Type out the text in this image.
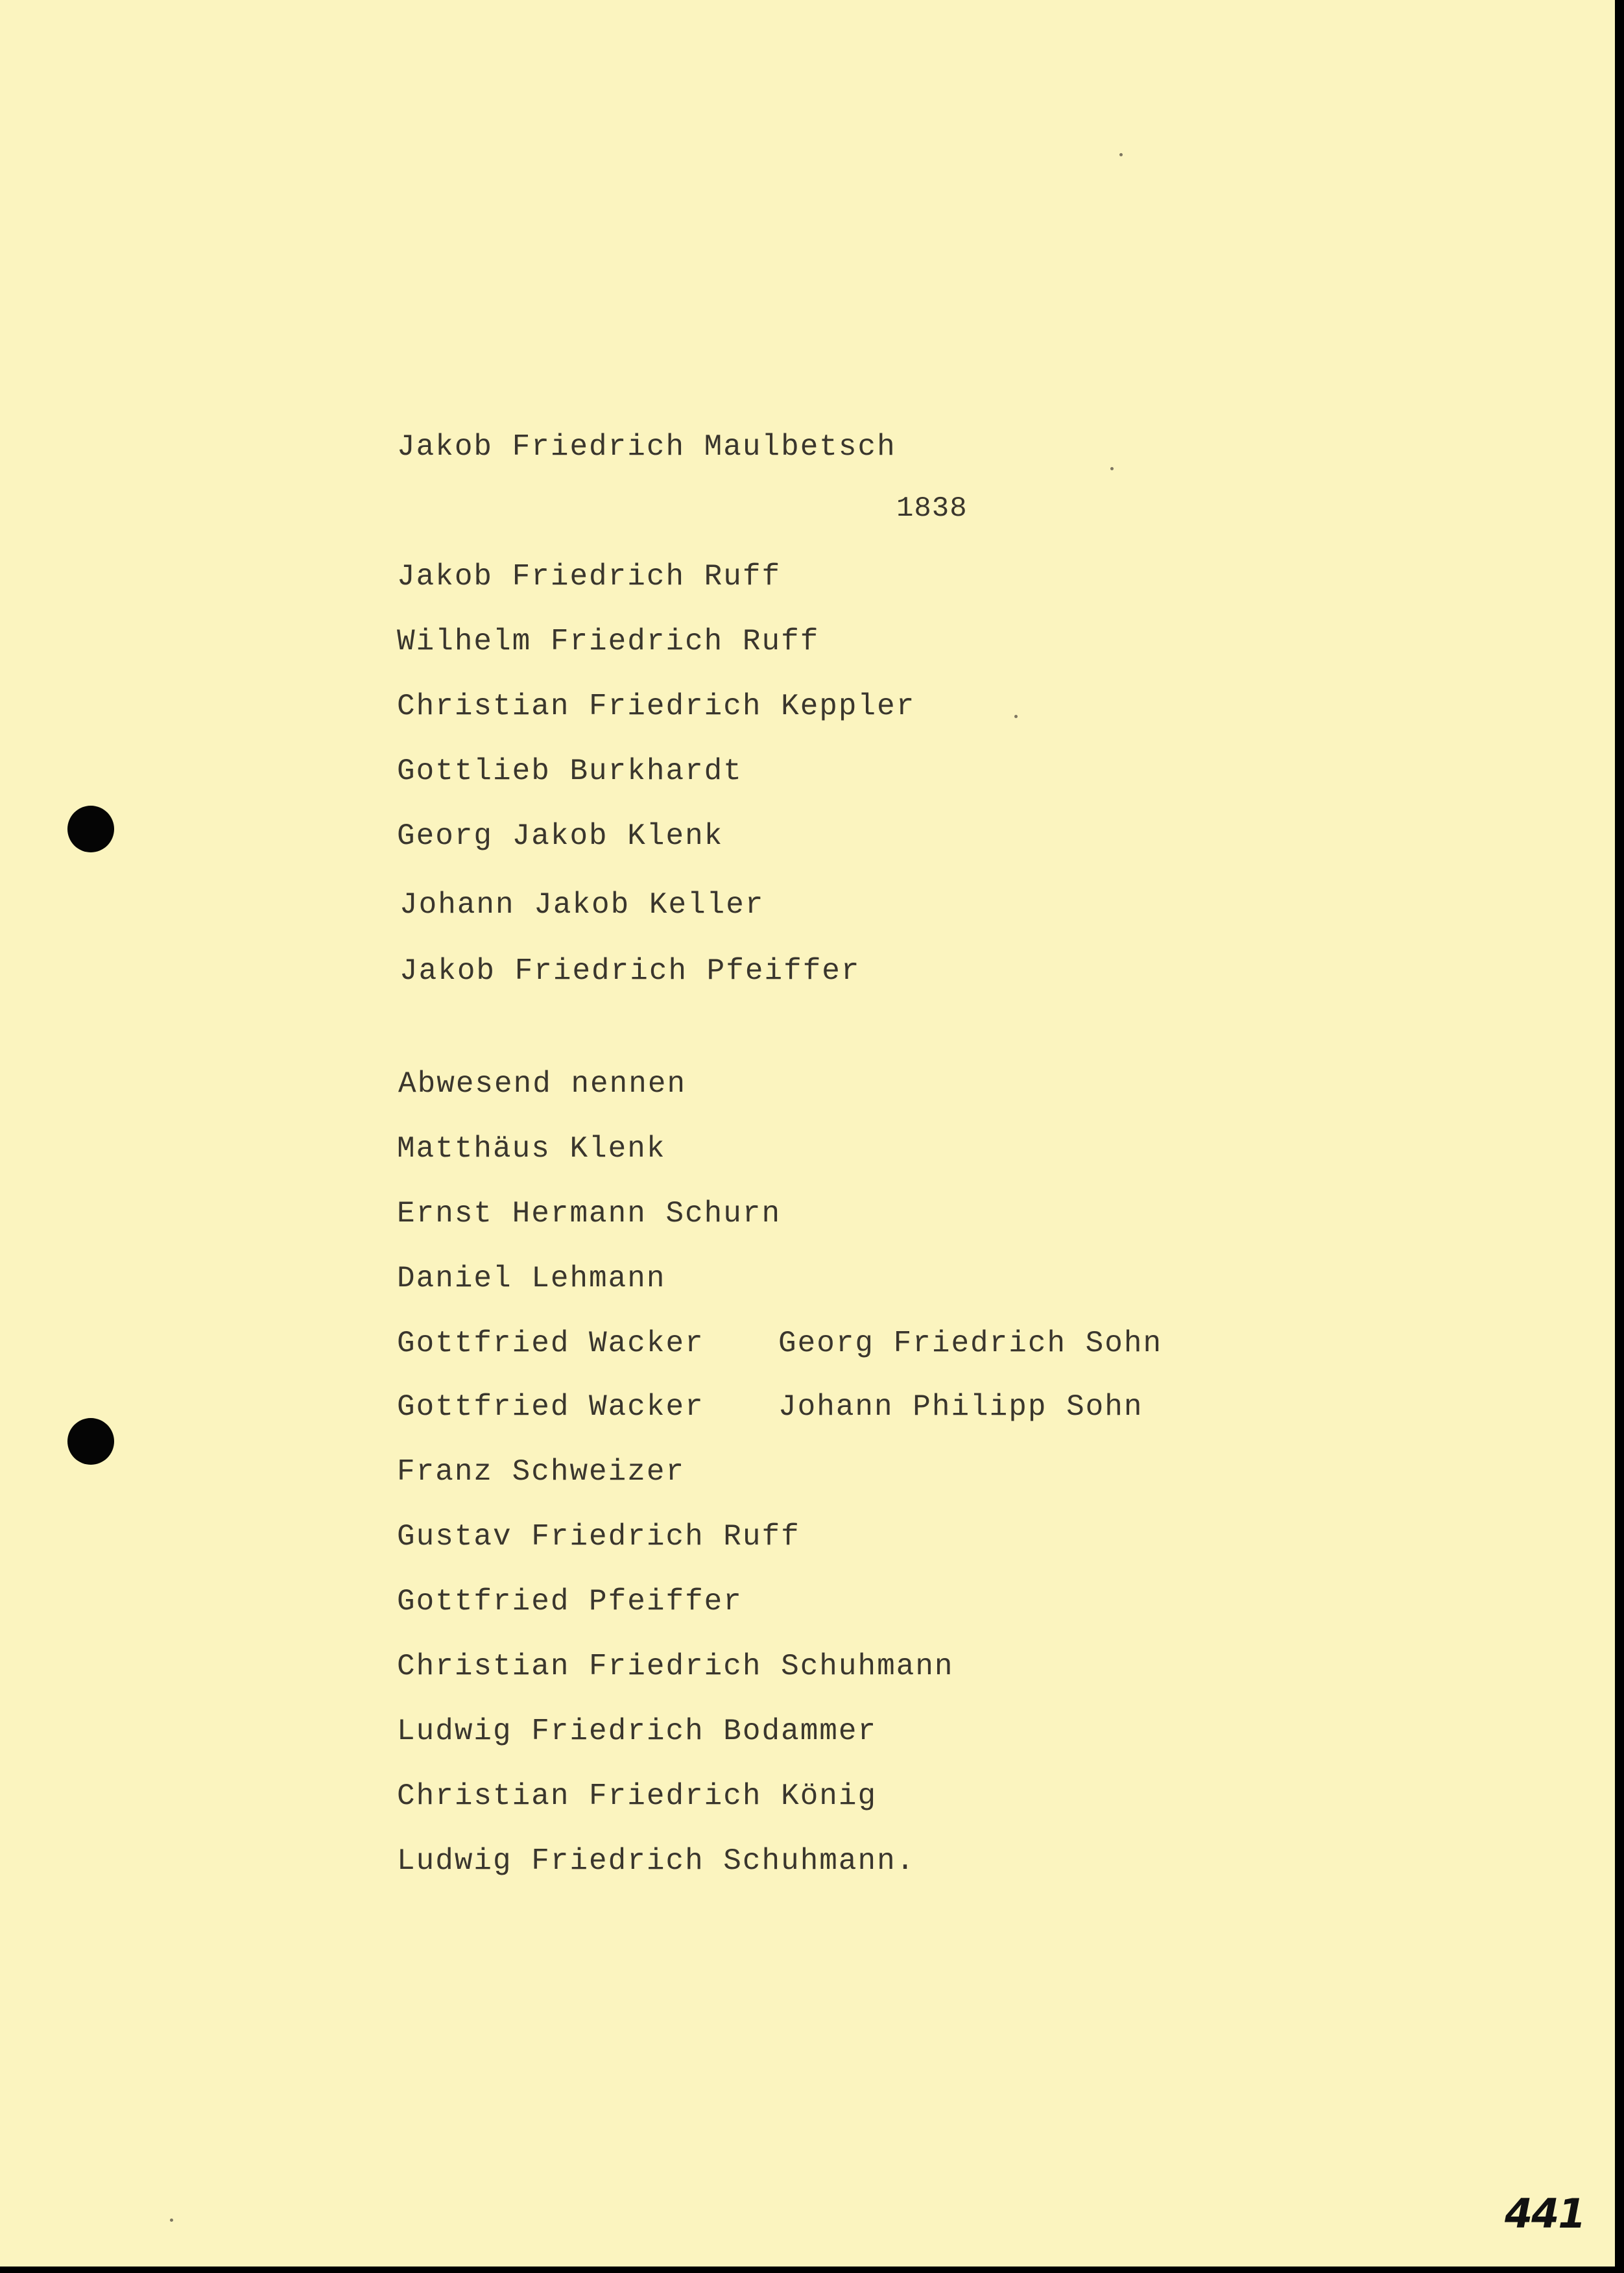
Jakob Friedrich Maulbetsch
1838
Jakob Friedrich Ruff
Wilhelm Friedrich Ruff
Christian Friedrich Keppler
Gottlieb Burkhardt
Georg Jakob Klenk
Johann Jakob Keller
Jakob Friedrich Pfeiffer
Abwesend nennen
Matthäus Klenk
Ernst Hermann Schurn
Daniel Lehmann
Gottfried Wacker Georg Friedrich Sohn
Gottfried Wacker Johann Philipp Sohn
Franz Schweizer
Gustav Friedrich Ruff
Gottfried Pfeiffer
Christian Friedrich Schuhmann
Ludwig Friedrich Bodammer
Christian Friedrich König
Ludwig Friedrich Schuhmann.
441
